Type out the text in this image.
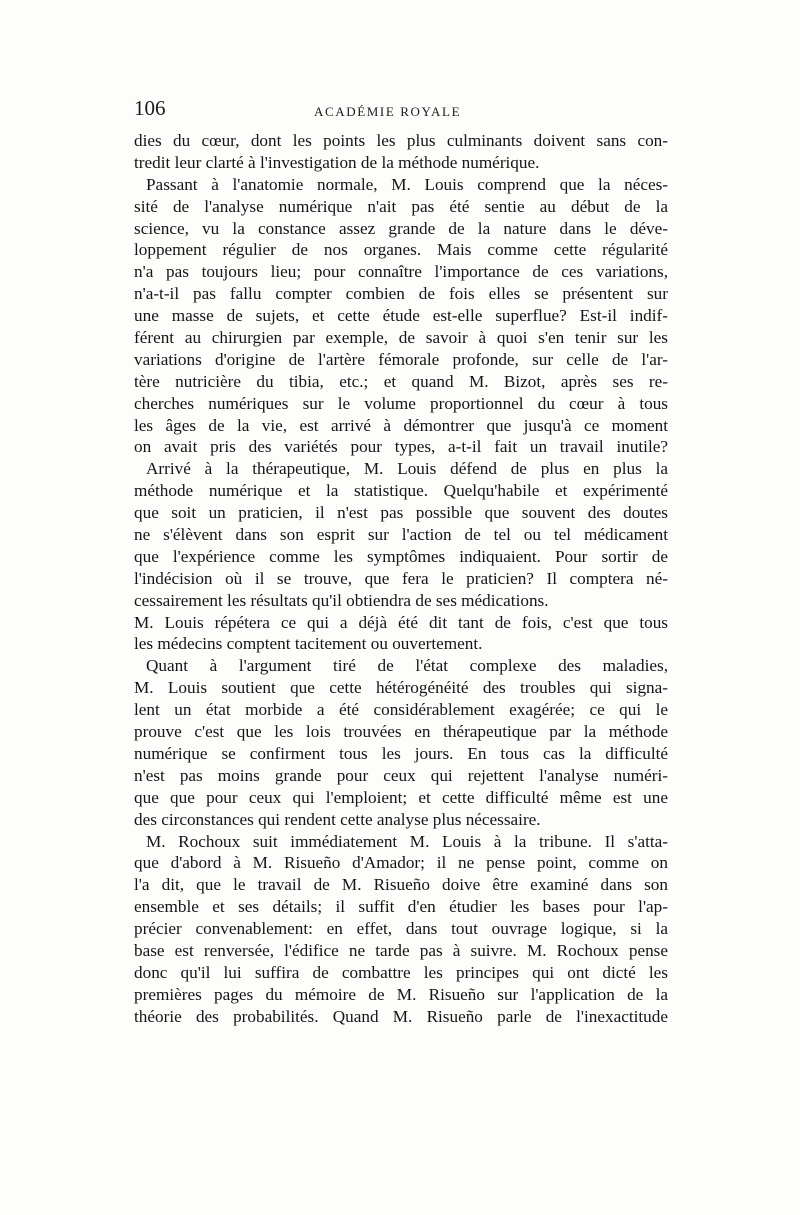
106	ACADÉMIE ROYALE
dies du cœur, dont les points les plus culminants doivent sans con-
tredit leur clarté à l'investigation de la méthode numérique.
Passant à l'anatomie normale, M. Louis comprend que la néces-
sité de l'analyse numérique n'ait pas été sentie au début de la
science, vu la constance assez grande de la nature dans le déve-
loppement régulier de nos organes. Mais comme cette régularité
n'a pas toujours lieu; pour connaître l'importance de ces variations,
n'a-t-il pas fallu compter combien de fois elles se présentent sur
une masse de sujets, et cette étude est-elle superflue? Est-il indif-
férent au chirurgien par exemple, de savoir à quoi s'en tenir sur les
variations d'origine de l'artère fémorale profonde, sur celle de l'ar-
tère nutricière du tibia, etc.; et quand M. Bizot, après ses re-
cherches numériques sur le volume proportionnel du cœur à tous
les âges de la vie, est arrivé à démontrer que jusqu'à ce moment
on avait pris des variétés pour types, a-t-il fait un travail inutile?
Arrivé à la thérapeutique, M. Louis défend de plus en plus la
méthode numérique et la statistique. Quelqu'habile et expérimenté
que soit un praticien, il n'est pas possible que souvent des doutes
ne s'élèvent dans son esprit sur l'action de tel ou tel médicament
que l'expérience comme les symptômes indiquaient. Pour sortir de
l'indécision où il se trouve, que fera le praticien? Il comptera né-
cessairement les résultats qu'il obtiendra de ses médications.
M. Louis répétera ce qui a déjà été dit tant de fois, c'est que tous
les médecins comptent tacitement ou ouvertement.
Quant à l'argument tiré de l'état complexe des maladies,
M. Louis soutient que cette hétérogénéité des troubles qui signa-
lent un état morbide a été considérablement exagérée; ce qui le
prouve c'est que les lois trouvées en thérapeutique par la méthode
numérique se confirment tous les jours. En tous cas la difficulté
n'est pas moins grande pour ceux qui rejettent l'analyse numéri-
que que pour ceux qui l'emploient; et cette difficulté même est une
des circonstances qui rendent cette analyse plus nécessaire.
M. Rochoux suit immédiatement M. Louis à la tribune. Il s'atta-
que d'abord à M. Risueño d'Amador; il ne pense point, comme on
l'a dit, que le travail de M. Risueño doive être examiné dans son
ensemble et ses détails; il suffit d'en étudier les bases pour l'ap-
précier convenablement: en effet, dans tout ouvrage logique, si la
base est renversée, l'édifice ne tarde pas à suivre. M. Rochoux pense
donc qu'il lui suffira de combattre les principes qui ont dicté les
premières pages du mémoire de M. Risueño sur l'application de la
théorie des probabilités. Quand M. Risueño parle de l'inexactitude
